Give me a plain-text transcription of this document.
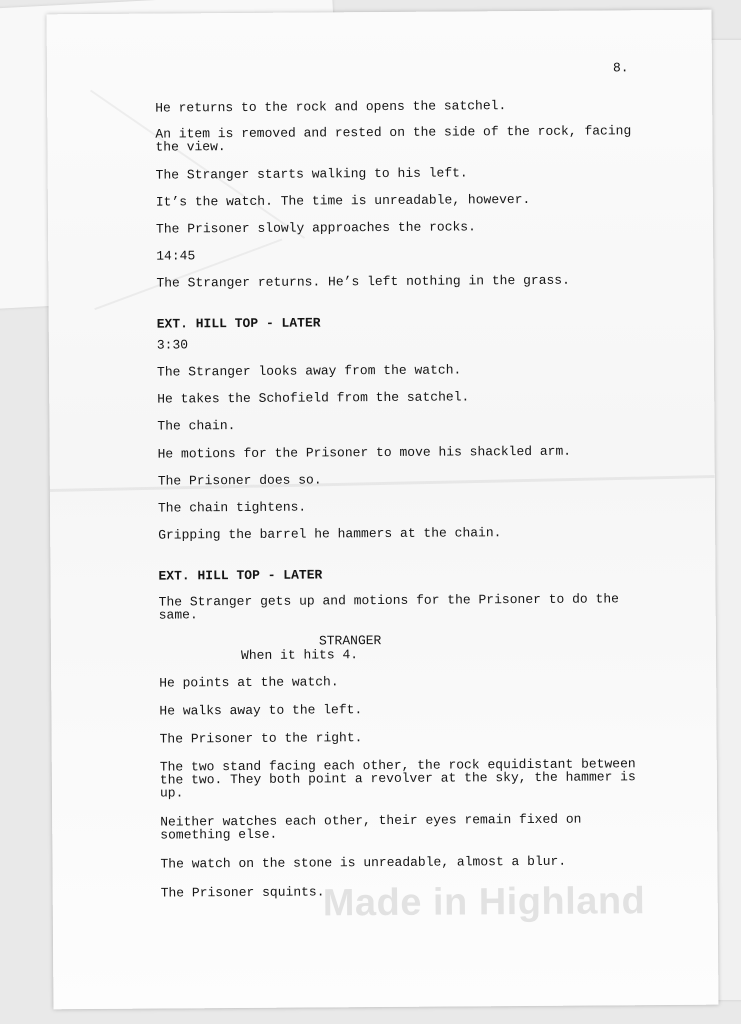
Made in Highland
8.
He returns to the rock and opens the satchel.
An item is removed and rested on the side of the rock, facing
the view.
The Stranger starts walking to his left.
It’s the watch. The time is unreadable, however.
The Prisoner slowly approaches the rocks.
14:45
The Stranger returns. He’s left nothing in the grass.
EXT. HILL TOP - LATER
3:30
The Stranger looks away from the watch.
He takes the Schofield from the satchel.
The chain.
He motions for the Prisoner to move his shackled arm.
The Prisoner does so.
The chain tightens.
Gripping the barrel he hammers at the chain.
EXT. HILL TOP - LATER
The Stranger gets up and motions for the Prisoner to do the
same.
STRANGER
When it hits 4.
He points at the watch.
He walks away to the left.
The Prisoner to the right.
The two stand facing each other, the rock equidistant between
the two. They both point a revolver at the sky, the hammer is
up.
Neither watches each other, their eyes remain fixed on
something else.
The watch on the stone is unreadable, almost a blur.
The Prisoner squints.
